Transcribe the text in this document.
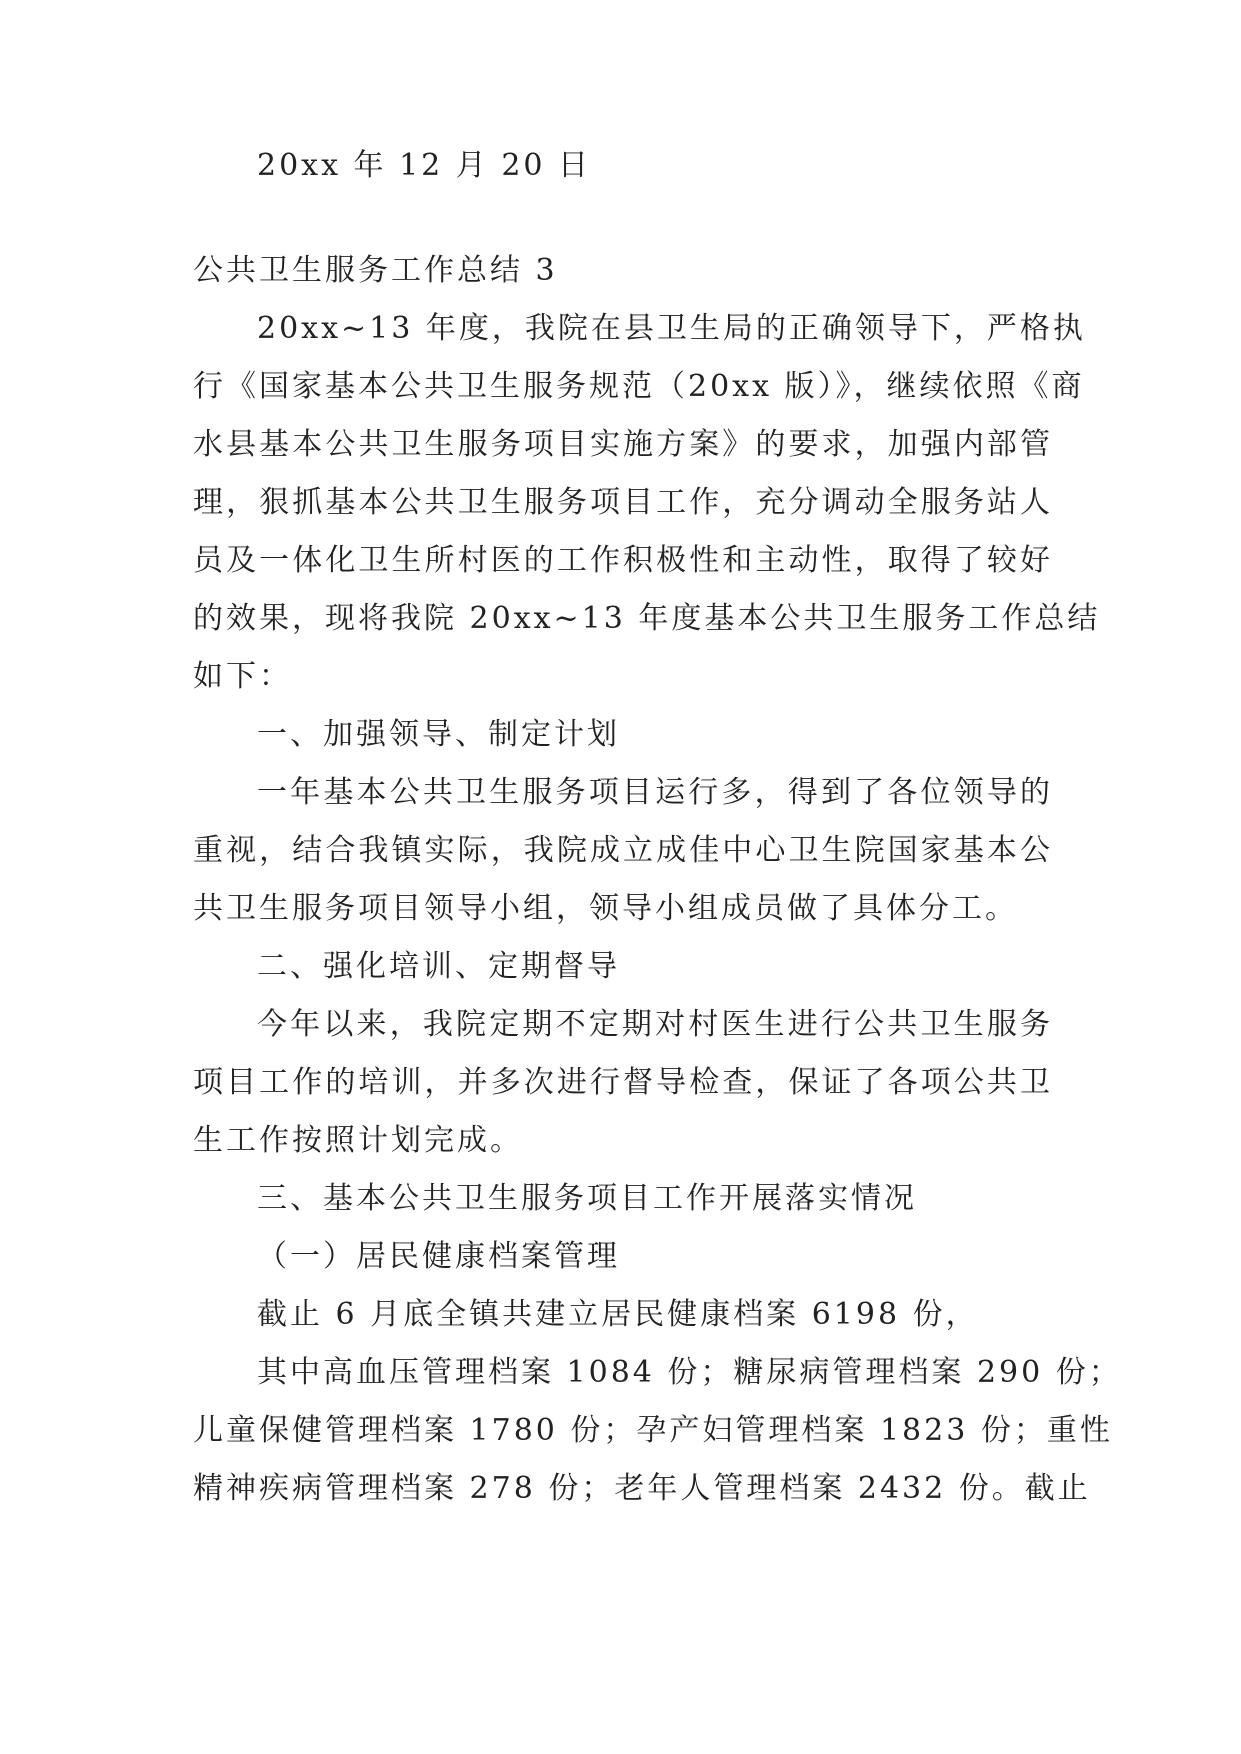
20xx 年 12 月 20 日

公共卫生服务工作总结 3

20xx~13 年度，我院在县卫生局的正确领导下，严格执
行《国家基本公共卫生服务规范（20xx 版）》，继续依照《商
水县基本公共卫生服务项目实施方案》的要求，加强内部管
理，狠抓基本公共卫生服务项目工作，充分调动全服务站人
员及一体化卫生所村医的工作积极性和主动性，取得了较好
的效果，现将我院 20xx~13 年度基本公共卫生服务工作总结
如下：

一、加强领导、制定计划

一年基本公共卫生服务项目运行多，得到了各位领导的
重视，结合我镇实际，我院成立成佳中心卫生院国家基本公
共卫生服务项目领导小组，领导小组成员做了具体分工。

二、强化培训、定期督导

今年以来，我院定期不定期对村医生进行公共卫生服务
项目工作的培训，并多次进行督导检查，保证了各项公共卫
生工作按照计划完成。

三、基本公共卫生服务项目工作开展落实情况

（一）居民健康档案管理

截止 6 月底全镇共建立居民健康档案 6198 份，

其中高血压管理档案 1084 份；糖尿病管理档案 290 份；
儿童保健管理档案 1780 份；孕产妇管理档案 1823 份；重性
精神疾病管理档案 278 份；老年人管理档案 2432 份。截止
